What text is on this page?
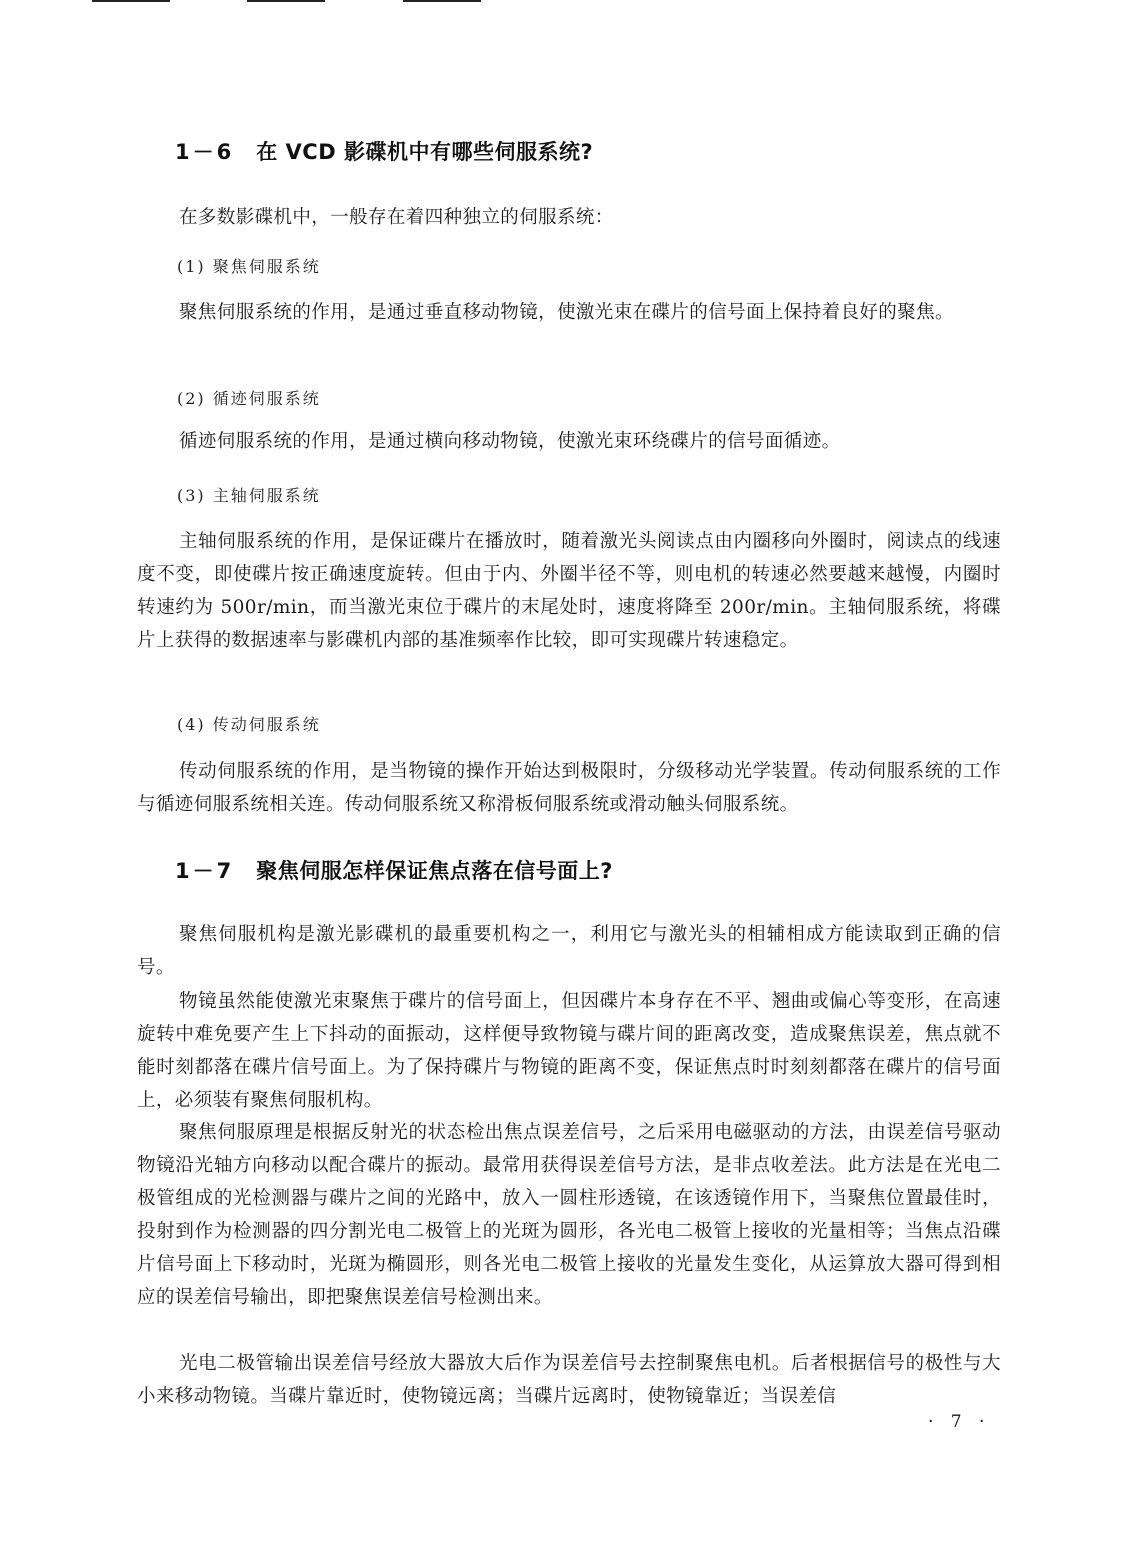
1－6 在 VCD 影碟机中有哪些伺服系统?

在多数影碟机中，一般存在着四种独立的伺服系统：

(1) 聚焦伺服系统

聚焦伺服系统的作用，是通过垂直移动物镜，使激光束在碟片的信号面上保持着良好的聚焦。

(2) 循迹伺服系统

循迹伺服系统的作用，是通过横向移动物镜，使激光束环绕碟片的信号面循迹。

(3) 主轴伺服系统

主轴伺服系统的作用，是保证碟片在播放时，随着激光头阅读点由内圈移向外圈时，阅读点的线速度不变，即使碟片按正确速度旋转。但由于内、外圈半径不等，则电机的转速必然要越来越慢，内圈时转速约为 500r/min，而当激光束位于碟片的末尾处时，速度将降至 200r/min。主轴伺服系统，将碟片上获得的数据速率与影碟机内部的基准频率作比较，即可实现碟片转速稳定。

(4) 传动伺服系统

传动伺服系统的作用，是当物镜的操作开始达到极限时，分级移动光学装置。传动伺服系统的工作与循迹伺服系统相关连。传动伺服系统又称滑板伺服系统或滑动触头伺服系统。

1－7 聚焦伺服怎样保证焦点落在信号面上?

聚焦伺服机构是激光影碟机的最重要机构之一，利用它与激光头的相辅相成方能读取到正确的信号。

物镜虽然能使激光束聚焦于碟片的信号面上，但因碟片本身存在不平、翘曲或偏心等变形，在高速旋转中难免要产生上下抖动的面振动，这样便导致物镜与碟片间的距离改变，造成聚焦误差，焦点就不能时刻都落在碟片信号面上。为了保持碟片与物镜的距离不变，保证焦点时时刻刻都落在碟片的信号面上，必须装有聚焦伺服机构。

聚焦伺服原理是根据反射光的状态检出焦点误差信号，之后采用电磁驱动的方法，由误差信号驱动物镜沿光轴方向移动以配合碟片的振动。最常用获得误差信号方法，是非点收差法。此方法是在光电二极管组成的光检测器与碟片之间的光路中，放入一圆柱形透镜，在该透镜作用下，当聚焦位置最佳时，投射到作为检测器的四分割光电二极管上的光斑为圆形，各光电二极管上接收的光量相等；当焦点沿碟片信号面上下移动时，光斑为椭圆形，则各光电二极管上接收的光量发生变化，从运算放大器可得到相应的误差信号输出，即把聚焦误差信号检测出来。

光电二极管输出误差信号经放大器放大后作为误差信号去控制聚焦电机。后者根据信号的极性与大小来移动物镜。当碟片靠近时，使物镜远离；当碟片远离时，使物镜靠近；当误差信

· 7 ·
